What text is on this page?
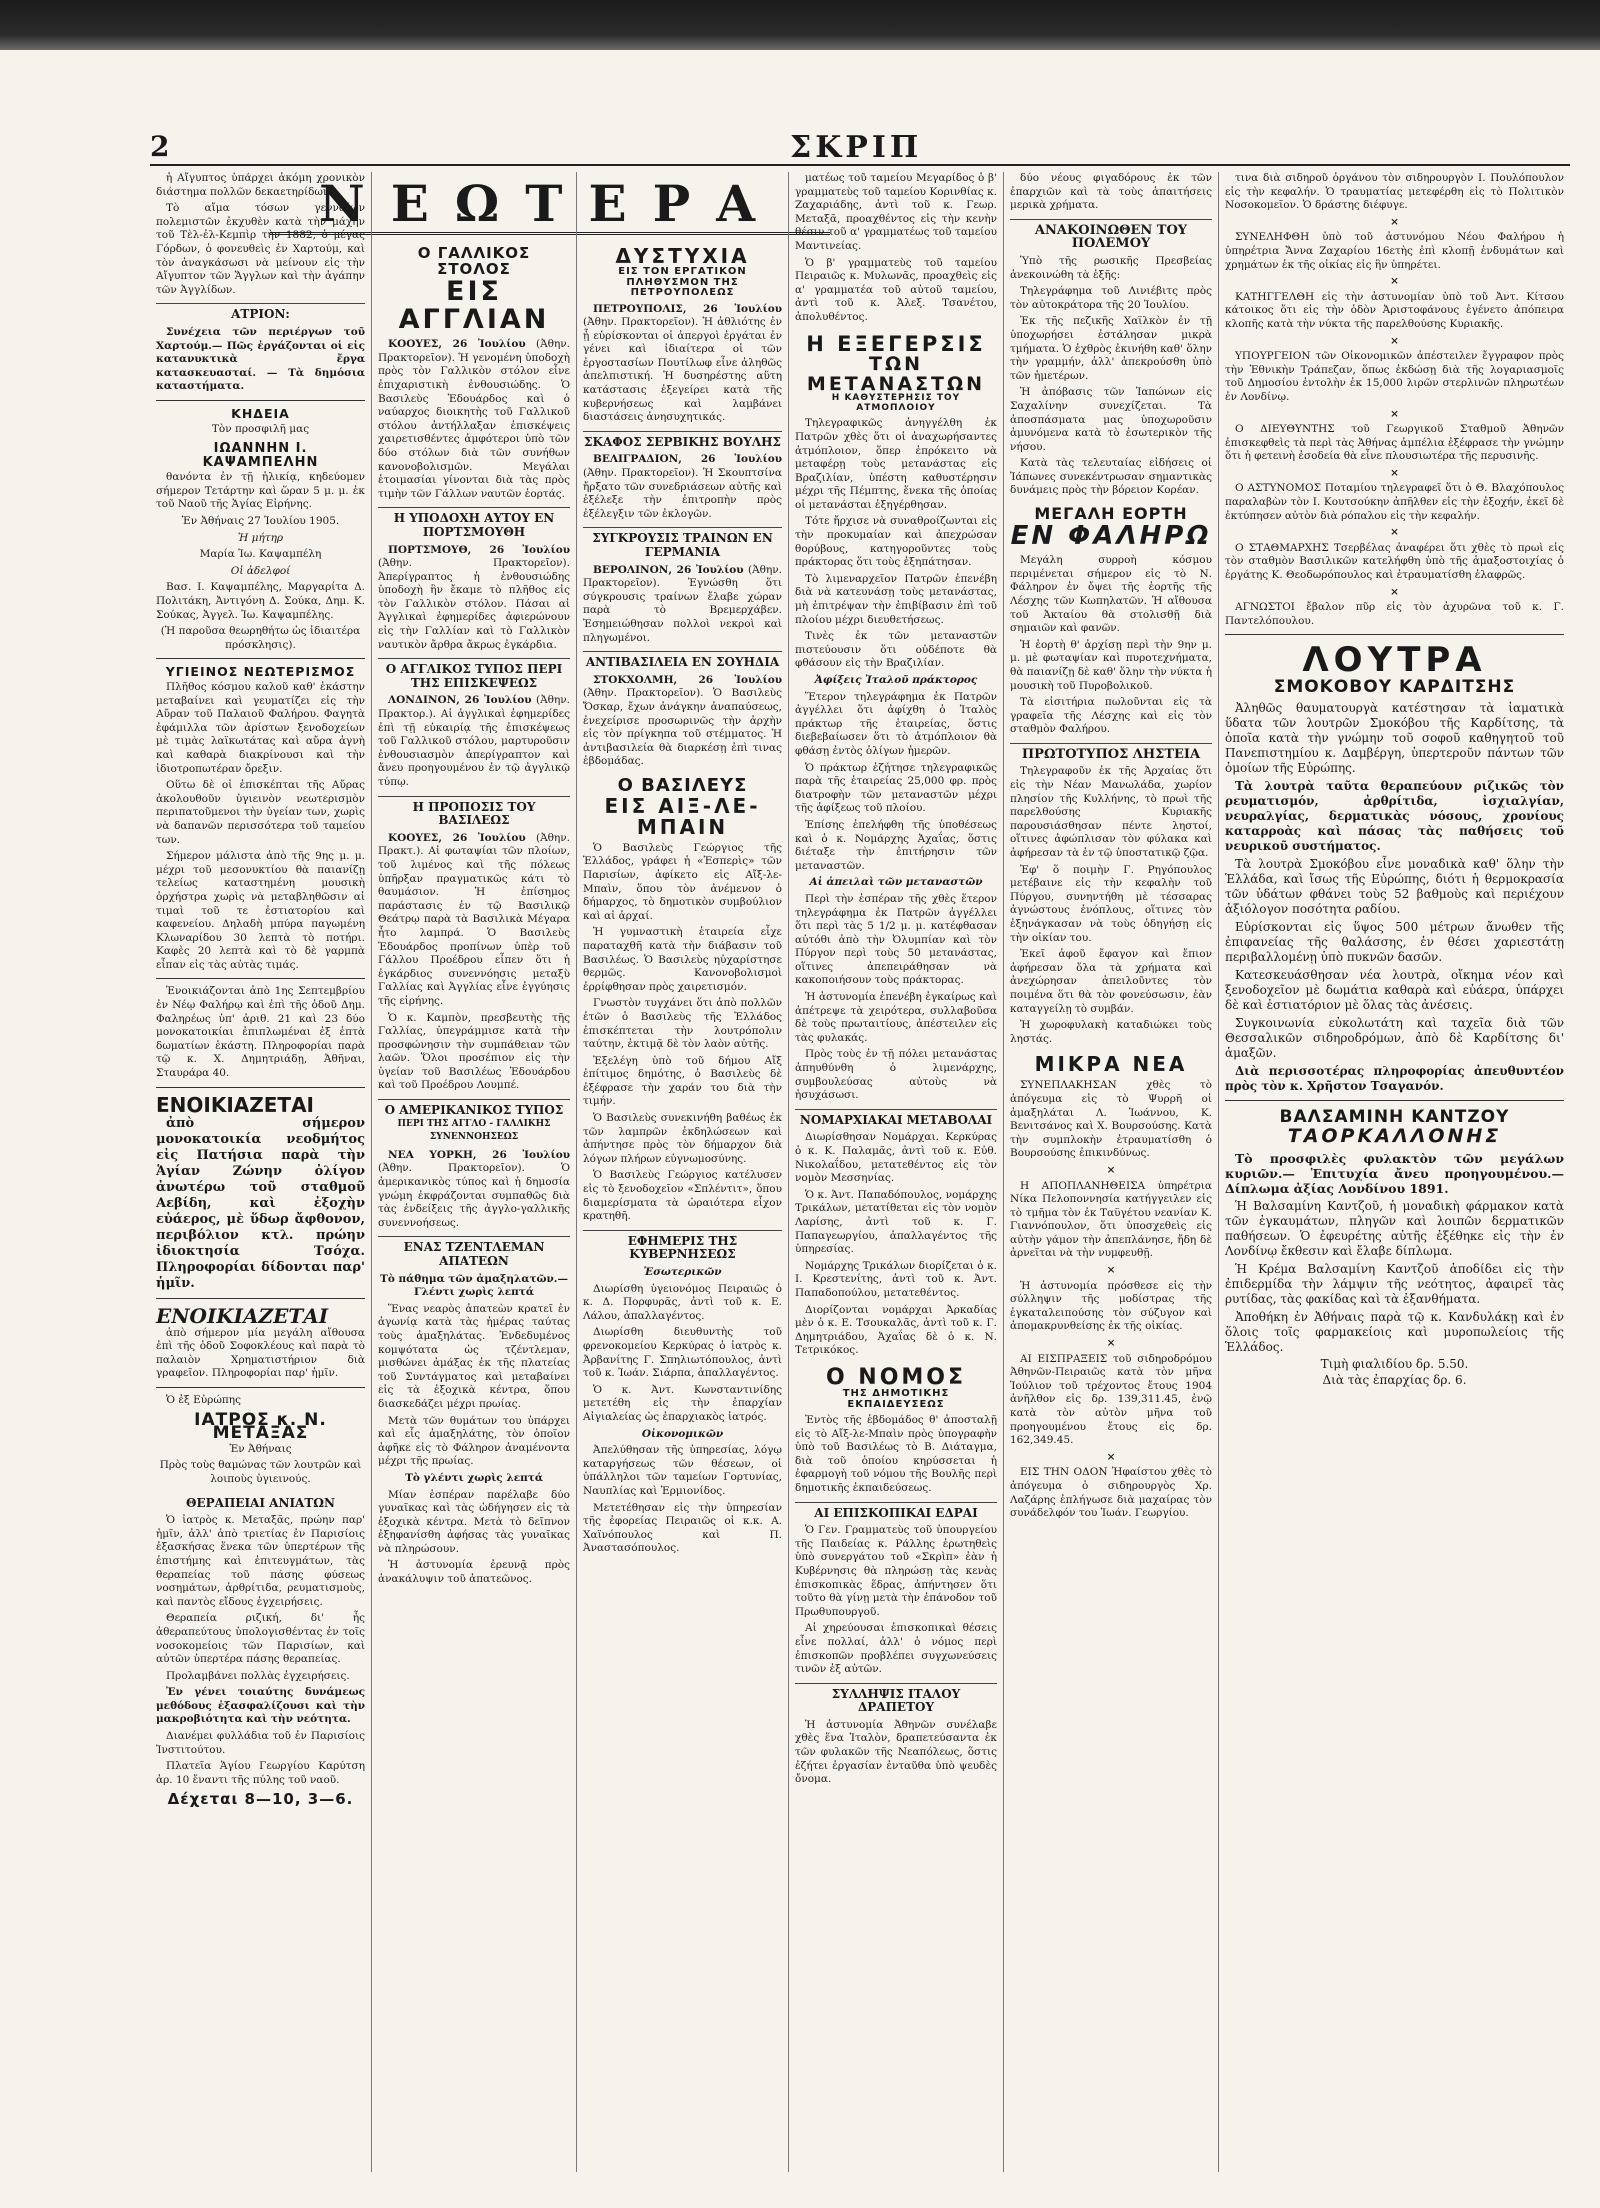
2	ΣΚΡΙΠ
ΝΕΩΤΕΡΑ

ἡ Αἴγυπτος ὑπάρχει ἀκόμη χρονικὸν διάστημα πολλῶν δεκαετηρίδων.

Τὸ αἴμα τόσων γενναίων πολεμιστῶν ἐκχυθὲν κατὰ τὴν μάχην τοῦ Τὲλ-ἐλ-Κεμπὶρ τὴν 1882, ὁ μέγας Γόρδων, ὁ φονευθεὶς ἐν Χαρτούμ, καὶ τὸν ἀναγκάσωσι νὰ μείνουν εἰς τὴν Αἴγυπτον τῶν Ἄγγλων καὶ τὴν ἀγάπην τῶν Ἀγγλίδων.

ΑΤΡΙΟΝ:

Συνέχεια τῶν περιέργων τοῦ Χαρτούμ.— Πῶς ἐργάζονται οἱ εἰς κατανυκτικὰ ἔργα κατασκευασταί. — Τὰ δημόσια καταστήματα.

ΚΗΔΕΙΑ

Τὸν προσφιλῆ μας

ΙΩΑΝΝΗΝ Ι. ΚΑΨΑΜΠΕΛΗΝ

θανόντα ἐν τῇ ἡλικίᾳ, κηδεύομεν σήμερον Τετάρτην καὶ ὥραν 5 μ. μ. ἐκ τοῦ Ναοῦ τῆς Ἁγίας Εἰρήνης.

Ἐν Ἀθήναις 27 Ἰουλίου 1905.

Ἡ μήτηρ

Μαρία Ἰω. Καψαμπέλη

Οἱ ἀδελφοί

Βασ. Ι. Καψαμπέλης, Μαργαρίτα Δ. Πολιτάκη, Ἀντιγόνη Δ. Σούκα, Δημ. Κ. Σούκας, Ἀγγελ. Ἰω. Καψαμπέλης.

(Ἡ παροῦσα θεωρηθήτω ὡς ἰδιαιτέρα πρόσκλησις).

ΥΓΙΕΙΝΟΣ ΝΕΩΤΕΡΙΣΜΟΣ

Πλῆθος κόσμου καλοῦ καθ' ἑκάστην μεταβαίνει καὶ γευματίζει εἰς τὴν Αὔραν τοῦ Παλαιοῦ Φαλήρου. Φαγητὰ ἐφάμιλλα τῶν ἀρίστων ξενοδοχείων μὲ τιμὰς λαϊκωτάτας καὶ αὔρα ἀγνὴ καὶ καθαρὰ διακρίνουσι καὶ τὴν ἰδιοτροπωτέραν ὄρεξιν.

Οὕτω δὲ οἱ ἐπισκέπται τῆς Αὔρας ἀκολουθοῦν ὑγιεινὸν νεωτερισμὸν περιπατοῦμενοι τὴν ὑγείαν των, χωρὶς νὰ δαπανῶν περισσότερα τοῦ ταμείου των.

Σήμερον μάλιστα ἀπὸ τῆς 9ης μ. μ. μέχρι τοῦ μεσονυκτίου θὰ παιανίζῃ τελείως καταστημένη μουσικὴ ὀρχήστρα χωρὶς νὰ μεταβληθῶσιν αἱ τιμαὶ τοῦ τε ἐστιατορίου καὶ καφενείου. Δηλαδὴ μπύρα παγωμένη Κλωναρίδου 30 λεπτὰ τὸ ποτήρι. Καφὲς 20 λεπτὰ καὶ τὸ δὲ γαρμπὰ εἶπαν εἰς τὰς αὐτὰς τιμάς.

Ἐνοικιάζονται ἀπὸ 1ης Σεπτεμβρίου ἐν Νέῳ Φαλήρῳ καὶ ἐπὶ τῆς ὁδοῦ Δημ. Φαληρέως ὑπ' ἀριθ. 21 καὶ 23 δύο μονοκατοικίαι ἐπιπλωμέναι ἐξ ἑπτὰ δωματίων ἑκάστη. Πληροφορίαι παρὰ τῷ κ. Χ. Δημητριάδῃ, Ἀθῆναι, Σταυράρα 40.

ΕΝΟΙΚΙΑΖΕΤΑΙ

ἀπὸ σήμερον μονοκατοικία νεοδμήτος εἰς Πατήσια παρὰ τὴν Ἁγίαν Ζώνην ὀλίγον ἀνωτέρω τοῦ σταθμοῦ Αεβίδη, καὶ ἐξοχὴν εὐάερος, μὲ ὕδωρ ἄφθονον, περιβόλιον κτλ. πρώην ἰδιοκτησία Τσόχα. Πληροφορίαι δίδονται παρ' ἡμῖν.

ΕΝΟΙΚΙΑΖΕΤΑΙ

ἀπὸ σήμερον μία μεγάλη αἴθουσα ἐπὶ τῆς ὁδοῦ Σοφοκλέους καὶ παρὰ τὸ παλαιὸν Χρηματιστήριον διὰ γραφεῖον. Πληροφορίαι παρ' ἡμῖν.

Ὁ ἐξ Εὐρώπης

ΙΑΤΡΟΣ κ. Ν. ΜΕΤΑΞΑΣ

Ἐν Ἀθήναις

Πρὸς τοὺς θαμώνας τῶν λουτρῶν καὶ λοιποὺς ὑγιεινούς.

ΘΕΡΑΠΕΙΑΙ ΑΝΙΑΤΩΝ

Ὁ ἰατρὸς κ. Μεταξᾶς, πρώην παρ' ἡμῖν, ἀλλ' ἀπὸ τριετίας ἐν Παρισίοις ἐξασκήσας ἕνεκα τῶν ὑπερτέρων τῆς ἐπιστήμης καὶ ἐπιτευγμάτων, τὰς θεραπείας τοῦ πάσης φύσεως νοσημάτων, ἀρθρίτιδα, ρευματισμοὺς, καὶ παντὸς εἴδους ἐγχειρήσεις.

Θεραπεία ριζική, δι' ἧς ἀθεραπεύτους ὑπολογισθέντας ἐν τοῖς νοσοκομείοις τῶν Παρισίων, καὶ αὐτῶν ὑπερτέρα πάσης θεραπείας.

Προλαμβάνει πολλὰς ἐγχειρήσεις.

Ἐν γένει τοιαύτης δυνάμεως μεθόδους ἐξασφαλίζουσι καὶ τὴν μακροβιότητα καὶ τὴν νεότητα.

Διανέμει φυλλάδια τοῦ ἐν Παρισίοις Ἰνστιτούτου.

Πλατεῖα Ἁγίου Γεωργίου Καρύτση ἀρ. 10 ἔναντι τῆς πύλης τοῦ ναοῦ.

Δέχεται 8—10, 3—6.
Ο ΓΑΛΛΙΚΟΣ ΣΤΟΛΟΣ
ΕΙΣ ΑΓΓΛΙΑΝ

ΚΟΟΥΕΣ, 26 Ἰουλίου (Ἀθην. Πρακτορεῖον). Ἡ γενομένη ὑποδοχὴ πρὸς τὸν Γαλλικὸν στόλον εἶνε ἐπιχαριστικὴ ἐνθουσιώδης. Ὁ Βασιλεὺς Ἐδουάρδος καὶ ὁ ναύαρχος διοικητὴς τοῦ Γαλλικοῦ στόλου ἀντήλλαξαν ἐπισκέψεις χαιρετισθέντες ἀμφότεροι ὑπὸ τῶν δύο στόλων διὰ τῶν συνήθων κανονοβολισμῶν. Μεγάλαι ἑτοιμασίαι γίνονται διὰ τὰς πρὸς τιμὴν τῶν Γάλλων ναυτῶν ἑορτάς.

Η ΥΠΟΔΟΧΗ ΑΥΤΟΥ ΕΝ ΠΟΡΤΣΜΟΥΘΗ

ΠΟΡΤΣΜΟΥΘ, 26 Ἰουλίου (Ἀθην. Πρακτορεῖον). Ἀπερίγραπτος ἡ ἐνθουσιώδης ὑποδοχὴ ἣν ἔκαμε τὸ πλῆθος εἰς τὸν Γαλλικὸν στόλον. Πάσαι αἱ Ἀγγλικαὶ ἐφημερίδες ἀφιερώνουν εἰς τὴν Γαλλίαν καὶ τὸ Γαλλικὸν ναυτικὸν ἄρθρα ἄκρως ἐγκάρδια.

Ο ΑΓΓΛΙΚΟΣ ΤΥΠΟΣ ΠΕΡΙ ΤΗΣ ΕΠΙΣΚΕΨΕΩΣ

ΛΟΝΔΙΝΟΝ, 26 Ἰουλίου (Ἀθην. Πρακτορ.). Αἱ ἀγγλικαὶ ἐφημερίδες ἐπὶ τῇ εὐκαιρίᾳ τῆς ἐπισκέψεως τοῦ Γαλλικοῦ στόλου, μαρτυροῦσιν ἐνθουσιασμὸν ἀπερίγραπτον καὶ ἄνευ προηγουμένου ἐν τῷ ἀγγλικῷ τύπῳ.

Η ΠΡΟΠΟΣΙΣ ΤΟΥ ΒΑΣΙΛΕΩΣ

ΚΟΟΥΕΣ, 26 Ἰουλίου (Ἀθην. Πρακτ.). Αἱ φωταψίαι τῶν πλοίων, τοῦ λιμένος καὶ τῆς πόλεως ὑπῆρξαν πραγματικῶς κάτι τὸ θαυμάσιον. Ἡ ἐπίσημος παράστασις ἐν τῷ Βασιλικῷ Θεάτρῳ παρὰ τὰ Βασιλικὰ Μέγαρα ἦτο λαμπρά. Ὁ Βασιλεὺς Ἐδουάρδος προπίνων ὑπὲρ τοῦ Γάλλου Προέδρου εἶπεν ὅτι ἡ ἐγκάρδιος συνεννόησις μεταξὺ Γαλλίας καὶ Ἀγγλίας εἶνε ἐγγύησις τῆς εἰρήνης.

Ὁ κ. Καμπὸν, πρεσβευτὴς τῆς Γαλλίας, ὑπεγράμμισε κατὰ τὴν προσφώνησιν τὴν συμπάθειαν τῶν λαῶν. Ὅλοι προσέπιον εἰς τὴν ὑγείαν τοῦ Βασιλέως Ἐδουάρδου καὶ τοῦ Προέδρου Λουμπέ.

Ο ΑΜΕΡΙΚΑΝΙΚΟΣ ΤΥΠΟΣ
ΠΕΡΙ ΤΗΣ ΑΓΓΛΟ - ΓΑΛΛΙΚΗΣ ΣΥΝΕΝΝΟΗΣΕΩΣ

ΝΕΑ ΥΟΡΚΗ, 26 Ἰουλίου (Ἀθην. Πρακτορεῖον). Ὁ ἀμερικανικὸς τύπος καὶ ἡ δημοσία γνώμη ἐκφράζονται συμπαθῶς διὰ τὰς ἐνδείξεις τῆς ἀγγλο-γαλλικῆς συνεννοήσεως.

ΕΝΑΣ ΤΖΕΝΤΛΕΜΑΝ ΑΠΑΤΕΩΝ

Τὸ πάθημα τῶν ἀμαξηλατῶν.— Γλέντι χωρὶς λεπτά

Ἕνας νεαρὸς ἀπατεὼν κρατεῖ ἐν ἀγωνίᾳ κατὰ τὰς ἡμέρας ταύτας τοὺς ἀμαξηλάτας. Ἐνδεδυμένος κομψότατα ὡς τζέντλεμαν, μισθώνει ἁμάξας ἐκ τῆς πλατείας τοῦ Συντάγματος καὶ μεταβαίνει εἰς τὰ ἐξοχικὰ κέντρα, ὅπου διασκεδάζει μέχρι πρωίας.

Μετὰ τῶν θυμάτων του ὑπάρχει καὶ εἷς ἀμαξηλάτης, τὸν ὁποῖον ἀφῆκε εἰς τὸ Φάληρον ἀναμένοντα μέχρι τῆς πρωίας.

Τὸ γλέντι χωρὶς λεπτά

Μίαν ἑσπέραν παρέλαβε δύο γυναῖκας καὶ τὰς ὡδήγησεν εἰς τὰ ἐξοχικὰ κέντρα. Μετὰ τὸ δεῖπνον ἐξηφανίσθη ἀφήσας τὰς γυναῖκας νὰ πληρώσουν.

Ἡ ἀστυνομία ἐρευνᾷ πρὸς ἀνακάλυψιν τοῦ ἀπατεῶνος.

ΔΥΣΤΥΧΙΑ
ΕΙΣ ΤΟΝ ΕΡΓΑΤΙΚΟΝ ΠΛΗΘΥΣΜΟΝ ΤΗΣ ΠΕΤΡΟΥΠΟΛΕΩΣ

ΠΕΤΡΟΥΠΟΛΙΣ, 26 Ἰουλίου (Ἀθην. Πρακτορεῖον). Ἡ ἀθλιότης ἐν ᾗ εὑρίσκονται οἱ ἀπεργοὶ ἐργάται ἐν γένει καὶ ἰδιαίτερα οἱ τῶν ἐργοστασίων Πουτίλωφ εἶνε ἀληθῶς ἀπελπιστική. Ἡ δυσηρέστης αὕτη κατάστασις ἐξεγείρει κατὰ τῆς κυβερνήσεως καὶ λαμβάνει διαστάσεις ἀνησυχητικάς.

ΣΚΑΦΟΣ ΣΕΡΒΙΚΗΣ ΒΟΥΛΗΣ

ΒΕΛΙΓΡΑΔΙΟΝ, 26 Ἰουλίου (Ἀθην. Πρακτορεῖον). Ἡ Σκουπτσίνα ἤρξατο τῶν συνεδριάσεων αὐτῆς καὶ ἐξέλεξε τὴν ἐπιτροπὴν πρὸς ἐξέλεγξιν τῶν ἐκλογῶν.

ΣΥΓΚΡΟΥΣΙΣ ΤΡΑΙΝΩΝ ΕΝ ΓΕΡΜΑΝΙΑ

ΒΕΡΟΛΙΝΟΝ, 26 Ἰουλίου (Ἀθην. Πρακτορεῖον). Ἐγνώσθη ὅτι σύγκρουσις τραίνων ἔλαβε χώραν παρὰ τὸ Βρεμερχάβεν. Ἐσημειώθησαν πολλοὶ νεκροὶ καὶ πληγωμένοι.

ΑΝΤΙΒΑΣΙΛΕΙΑ ΕΝ ΣΟΥΗΔΙΑ

ΣΤΟΚΧΟΛΜΗ, 26 Ἰουλίου (Ἀθην. Πρακτορεῖον). Ὁ Βασιλεὺς Ὄσκαρ, ἔχων ἀνάγκην ἀναπαύσεως, ἐνεχείρισε προσωρινῶς τὴν ἀρχὴν εἰς τὸν πρίγκηπα τοῦ στέμματος. Ἡ ἀντιβασιλεία θὰ διαρκέσῃ ἐπὶ τινας ἑβδομάδας.

Ο ΒΑΣΙΛΕΥΣ
ΕΙΣ ΑΙΞ-ΛΕ-ΜΠΑΙΝ

Ὁ Βασιλεὺς Γεώργιος τῆς Ἑλλάδος, γράφει ἡ «Ἐσπερὶς» τῶν Παρισίων, ἀφίκετο εἰς Αἴξ-λε-Μπαὶν, ὅπου τὸν ἀνέμενον ὁ δήμαρχος, τὸ δημοτικὸν συμβούλιον καὶ αἱ ἀρχαί.

Ἡ γυμναστικὴ ἑταιρεία εἶχε παραταχθῆ κατὰ τὴν διάβασιν τοῦ Βασιλέως. Ὁ Βασιλεὺς ηὐχαρίστησε θερμῶς. Κανονοβολισμοὶ ἐρρίφθησαν πρὸς χαιρετισμόν.

Γνωστὸν τυγχάνει ὅτι ἀπὸ πολλῶν ἐτῶν ὁ Βασιλεὺς τῆς Ἑλλάδος ἐπισκέπτεται τὴν λουτρόπολιν ταύτην, ἐκτιμᾷ δὲ τὸν λαὸν αὐτῆς.

Ἐξελέγη ὑπὸ τοῦ δήμου Αἴξ ἐπίτιμος δημότης, ὁ Βασιλεὺς δὲ ἐξέφρασε τὴν χαράν του διὰ τὴν τιμήν.

Ὁ Βασιλεὺς συνεκινήθη βαθέως ἐκ τῶν λαμπρῶν ἐκδηλώσεων καὶ ἀπήντησε πρὸς τὸν δήμαρχον διὰ λόγων πλήρων εὐγνωμοσύνης.

Ὁ Βασιλεὺς Γεώργιος κατέλυσεν εἰς τὸ ξενοδοχεῖον «Σπλέντιτ», ὅπου διαμερίσματα τὰ ὡραιότερα εἶχον κρατηθῆ.

ΕΦΗΜΕΡΙΣ ΤΗΣ ΚΥΒΕΡΝΗΣΕΩΣ

Ἐσωτερικῶν

Διωρίσθη ὑγειονόμος Πειραιῶς ὁ κ. Δ. Πορφυρᾶς, ἀντὶ τοῦ κ. Ε. Λάλου, ἀπαλλαγέντος.

Διωρίσθη διευθυντὴς τοῦ φρενοκομείου Κερκύρας ὁ ἰατρὸς κ. Ἀρβανίτης Γ. Σπηλιωτόπουλος, ἀντὶ τοῦ κ. Ἰωάν. Σιάρπα, ἀπαλλαγέντος.

Ὁ κ. Ἀντ. Κωνσταντινίδης μετετέθη εἰς τὴν ἐπαρχίαν Αἰγιαλείας ὡς ἐπαρχιακὸς ἰατρός.

Οἰκονομικῶν

Ἀπελύθησαν τῆς ὑπηρεσίας, λόγῳ καταργήσεως τῶν θέσεων, οἱ ὑπάλληλοι τῶν ταμείων Γορτυνίας, Ναυπλίας καὶ Ἐρμιονίδος.

Μετετέθησαν εἰς τὴν ὑπηρεσίαν τῆς ἐφορείας Πειραιῶς οἱ κ.κ. Α. Χαϊνόπουλος καὶ Π. Ἀναστασόπουλος.

ματέως τοῦ ταμείου Μεγαρίδος ὁ β' γραμματεὺς τοῦ ταμείου Κορινθίας κ. Ζαχαριάδης, ἀντὶ τοῦ κ. Γεωρ. Μεταξᾶ, προαχθέντος εἰς τὴν κενὴν θέσιν τοῦ α' γραμματέως τοῦ ταμείου Μαντινείας.

Ὁ β' γραμματεὺς τοῦ ταμείου Πειραιῶς κ. Μυλωνᾶς, προαχθεὶς εἰς α' γραμματέα τοῦ αὐτοῦ ταμείου, ἀντὶ τοῦ κ. Ἀλεξ. Τσανέτου, ἀπολυθέντος.

Η ΕΞΕΓΕΡΣΙΣ
ΤΩΝ ΜΕΤΑΝΑΣΤΩΝ
Η ΚΑΘΥΣΤΕΡΗΣΙΣ ΤΟΥ ΑΤΜΟΠΛΟΙΟΥ

Τηλεγραφικῶς ἀνηγγέλθη ἐκ Πατρῶν χθὲς ὅτι οἱ ἀναχωρήσαντες ἀτμόπλοιον, ὅπερ ἐπρόκειτο νὰ μεταφέρῃ τοὺς μετανάστας εἰς Βραζιλίαν, ὑπέστη καθυστέρησιν μέχρι τῆς Πέμπτης, ἕνεκα τῆς ὁποίας οἱ μετανάσται ἐξηγέρθησαν.

Τότε ἤρχισε νὰ συναθροίζωνται εἰς τὴν προκυμαίαν καὶ ἀπεχρώσαν θορύβους, κατηγοροῦντες τοὺς πράκτορας ὅτι τοὺς ἐξηπάτησαν.

Τὸ λιμεναρχεῖον Πατρῶν ἐπενέβη διὰ νὰ κατευνάσῃ τοὺς μετανάστας, μὴ ἐπιτρέψαν τὴν ἐπιβίβασιν ἐπὶ τοῦ πλοίου μέχρι διευθετήσεως.

Τινὲς ἐκ τῶν μεταναστῶν πιστεύουσιν ὅτι οὐδέποτε θὰ φθάσουν εἰς τὴν Βραζιλίαν.

Ἀφίξεις Ἰταλοῦ πράκτορος

Ἕτερον τηλεγράφημα ἐκ Πατρῶν ἀγγέλλει ὅτι ἀφίχθη ὁ Ἰταλὸς πράκτωρ τῆς ἑταιρείας, ὅστις διεβεβαίωσεν ὅτι τὸ ἀτμόπλοιον θὰ φθάσῃ ἐντὸς ὀλίγων ἡμερῶν.

Ὁ πράκτωρ ἐζήτησε τηλεγραφικῶς παρὰ τῆς ἑταιρείας 25,000 φρ. πρὸς διατροφὴν τῶν μεταναστῶν μέχρι τῆς ἀφίξεως τοῦ πλοίου.

Ἐπίσης ἐπελήφθη τῆς ὑποθέσεως καὶ ὁ κ. Νομάρχης Ἀχαΐας, ὅστις διέταξε τὴν ἐπιτήρησιν τῶν μεταναστῶν.

Αἱ ἀπειλαὶ τῶν μεταναστῶν

Περὶ τὴν ἑσπέραν τῆς χθὲς ἕτερον τηλεγράφημα ἐκ Πατρῶν ἀγγέλλει ὅτι περὶ τὰς 5 1/2 μ. μ. κατέφθασαν αὐτόθι ἀπὸ τὴν Ὀλυμπίαν καὶ τὸν Πύργον περὶ τοὺς 50 μετανάστας, οἵτινες ἀπεπειράθησαν νὰ κακοποιήσουν τοὺς πράκτορας.

Ἡ ἀστυνομία ἐπενέβη ἐγκαίρως καὶ ἀπέτρεψε τὰ χειρότερα, συλλαβοῦσα δὲ τοὺς πρωταιτίους, ἀπέστειλεν εἰς τὰς φυλακάς.

Πρὸς τοὺς ἐν τῇ πόλει μετανάστας ἀπηυθύνθη ὁ λιμενάρχης, συμβουλεύσας αὐτοὺς νὰ ἡσυχάσωσι.

ΝΟΜΑΡΧΙΑΚΑΙ ΜΕΤΑΒΟΛΑΙ

Διωρίσθησαν Νομάρχαι. Κερκύρας ὁ κ. Κ. Παλαμᾶς, ἀντὶ τοῦ κ. Εὐθ. Νικολαΐδου, μετατεθέντος εἰς τὸν νομὸν Μεσσηνίας.

Ὁ κ. Ἀντ. Παπαδόπουλος, νομάρχης Τρικάλων, μετατίθεται εἰς τὸν νομὸν Λαρίσης, ἀντὶ τοῦ κ. Γ. Παπαγεωργίου, ἀπαλλαγέντος τῆς ὑπηρεσίας.

Νομάρχης Τρικάλων διορίζεται ὁ κ. Ι. Κρεστενίτης, ἀντὶ τοῦ κ. Ἀντ. Παπαδοπούλου, μετατεθέντος.

Διορίζονται νομάρχαι Ἀρκαδίας μὲν ὁ κ. Ε. Τσουκαλᾶς, ἀντὶ τοῦ κ. Γ. Δημητριάδου, Ἀχαΐας δὲ ὁ κ. Ν. Τετρικόκος.

Ο ΝΟΜΟΣ
ΤΗΣ ΔΗΜΟΤΙΚΗΣ ΕΚΠΑΙΔΕΥΣΕΩΣ

Ἐντὸς τῆς ἑβδομάδος θ' ἀποσταλῇ εἰς τὸ Αἴξ-λε-Μπαὶν πρὸς ὑπογραφὴν ὑπὸ τοῦ Βασιλέως τὸ Β. Διάταγμα, διὰ τοῦ ὁποίου κηρύσσεται ἡ ἐφαρμογὴ τοῦ νόμου τῆς Βουλῆς περὶ δημοτικῆς ἐκπαιδεύσεως.

ΑΙ ΕΠΙΣΚΟΠΙΚΑΙ ΕΔΡΑΙ

Ὁ Γεν. Γραμματεὺς τοῦ ὑπουργείου τῆς Παιδείας κ. Ράλλης ἐρωτηθεὶς ὑπὸ συνεργάτου τοῦ «Σκρὶπ» ἐὰν ἡ Κυβέρνησις θὰ πληρώσῃ τὰς κενὰς ἐπισκοπικὰς ἕδρας, ἀπήντησεν ὅτι τοῦτο θὰ γίνῃ μετὰ τὴν ἐπάνοδον τοῦ Πρωθυπουργοῦ.

Αἱ χηρεύουσαι ἐπισκοπικαὶ θέσεις εἶνε πολλαί, ἀλλ' ὁ νόμος περὶ ἐπισκοπῶν προβλέπει συγχωνεύσεις τινῶν ἐξ αὐτῶν.

ΣΥΛΛΗΨΙΣ ΙΤΑΛΟΥ ΔΡΑΠΕΤΟΥ

Ἡ ἀστυνομία Ἀθηνῶν συνέλαβε χθὲς ἕνα Ἰταλὸν, δραπετεύσαντα ἐκ τῶν φυλακῶν τῆς Νεαπόλεως, ὅστις ἐζήτει ἐργασίαν ἐνταῦθα ὑπὸ ψευδὲς ὄνομα.

δύο νέους φιγαδόρους ἐκ τῶν ἐπαρχιῶν καὶ τὰ τοὺς ἀπαιτήσεις μερικὰ χρήματα.

ΑΝΑΚΟΙΝΩΘΕΝ ΤΟΥ ΠΟΛΕΜΟΥ

Ὑπὸ τῆς ρωσικῆς Πρεσβείας ἀνεκοινώθη τὰ ἑξῆς:

Τηλεγράφημα τοῦ Λινιέβιτς πρὸς τὸν αὐτοκράτορα τῆς 20 Ἰουλίου.

Ἐκ τῆς πεζικῆς Χαϊλκὸν ἐν τῇ ὑποχωρήσει ἐστάλησαν μικρὰ τμήματα. Ὁ ἐχθρὸς ἐκινήθη καθ' ὅλην τὴν γραμμήν, ἀλλ' ἀπεκρούσθη ὑπὸ τῶν ἡμετέρων.

Ἡ ἀπόβασις τῶν Ἰαπώνων εἰς Σαχαλίνην συνεχίζεται. Τὰ ἀποσπάσματα μας ὑποχωροῦσιν ἀμυνόμενα κατὰ τὸ ἐσωτερικὸν τῆς νήσου.

Κατὰ τὰς τελευταίας εἰδήσεις οἱ Ἰάπωνες συνεκέντρωσαν σημαντικὰς δυνάμεις πρὸς τὴν βόρειον Κορέαν.

ΜΕΓΑΛΗ ΕΟΡΤΗ
ΕΝ ΦΑΛΗΡΩ

Μεγάλη συρροὴ κόσμου περιμένεται σήμερον εἰς τὸ Ν. Φάληρον ἐν ὄψει τῆς ἑορτῆς τῆς Λέσχης τῶν Κωπηλατῶν. Ἡ αἴθουσα τοῦ Ἀκταίου θὰ στολισθῇ διὰ σημαιῶν καὶ φανῶν.

Ἡ ἑορτὴ θ' ἀρχίσῃ περὶ τὴν 9ην μ. μ. μὲ φωταψίαν καὶ πυροτεχνήματα, θὰ παιανίζῃ δὲ καθ' ὅλην τὴν νύκτα ἡ μουσικὴ τοῦ Πυροβολικοῦ.

Τὰ εἰσιτήρια πωλοῦνται εἰς τὰ γραφεῖα τῆς Λέσχης καὶ εἰς τὸν σταθμὸν Φαλήρου.

ΠΡΩΤΟΤΥΠΟΣ ΛΗΣΤΕΙΑ

Τηλεγραφοῦν ἐκ τῆς Ἀρχαίας ὅτι εἰς τὴν Νέαν Μανωλάδα, χωρίον πλησίον τῆς Κυλλήνης, τὸ πρωὶ τῆς παρελθούσης Κυριακῆς παρουσιάσθησαν πέντε ληστοί, οἵτινες ἀφώπλισαν τὸν φύλακα καὶ ἀφήρεσαν τὰ ἐν τῷ ὑποστατικῷ ζῷα.

Ἐφ' ὅ ποιμὴν Γ. Ρηγόπουλος μετέβαινε εἰς τὴν κεφαλὴν τοῦ Πύργου, συνηντήθη μὲ τέσσαρας ἀγνώστους ἐνόπλους, οἵτινες τὸν ἐξηνάγκασαν νὰ τοὺς ὁδηγήσῃ εἰς τὴν οἰκίαν του.

Ἐκεῖ ἀφοῦ ἔφαγον καὶ ἔπιον ἀφήρεσαν ὅλα τὰ χρήματα καὶ ἀνεχώρησαν ἀπειλοῦντες τὸν ποιμένα ὅτι θὰ τὸν φονεύσωσιν, ἐὰν καταγγείλῃ τὸ συμβάν.

Ἡ χωροφυλακὴ καταδιώκει τοὺς ληστάς.

ΜΙΚΡΑ ΝΕΑ

ΣΥΝΕΠΛΑΚΗΣΑΝ χθὲς τὸ ἀπόγευμα εἰς τὸ Ψυρρῆ οἱ ἀμαξηλάται Λ. Ἰωάννου, Κ. Βενιτσάνος καὶ Χ. Βουρσούσης. Κατὰ τὴν συμπλοκὴν ἐτραυματίσθη ὁ Βουρσούσης ἐπικινδύνως.

×

Η ΑΠΟΠΛΑΝΗΘΕΙΣΑ ὑπηρέτρια Νίκα Πελοποννησία κατήγγειλεν εἰς τὸ τμῆμα τὸν ἐκ Ταϋγέτου νεανίαν Κ. Γιαννόπουλον, ὅτι ὑποσχεθεὶς εἰς αὐτὴν γάμον τὴν ἀπεπλάνησε, ἤδη δὲ ἀρνεῖται νὰ τὴν νυμφευθῇ.

×

Ἡ ἀστυνομία πρόσθεσε εἰς τὴν σύλληψιν τῆς μοδίστρας τῆς ἐγκαταλειπούσης τὸν σύζυγον καὶ ἀπομακρυνθείσης ἐκ τῆς οἰκίας.

×

ΑΙ ΕΙΣΠΡΑΞΕΙΣ τοῦ σιδηροδρόμου Ἀθηνῶν-Πειραιῶς κατὰ τὸν μῆνα Ἰούλιον τοῦ τρέχοντος ἔτους 1904 ἀνῆλθον εἰς δρ. 139,311.45, ἐνῷ κατὰ τὸν αὐτὸν μῆνα τοῦ προηγουμένου ἔτους εἰς δρ. 162,349.45.

×

ΕΙΣ ΤΗΝ ΟΔΟΝ Ἡφαίστου χθὲς τὸ ἀπόγευμα ὁ σιδηρουργὸς Χρ. Λαζάρης ἐπλήγωσε διὰ μαχαίρας τὸν συνάδελφόν του Ἰωάν. Γεωργίου.

τινα διὰ σιδηροῦ ὀργάνου τὸν σιδηρουργὸν Ι. Πουλόπουλον εἰς τὴν κεφαλήν. Ὁ τραυματίας μετεφέρθη εἰς τὸ Πολιτικὸν Νοσοκομεῖον. Ὁ δράστης διέφυγε.

×

ΣΥΝΕΛΗΦΘΗ ὑπὸ τοῦ ἀστυνόμου Νέου Φαλήρου ἡ ὑπηρέτρια Ἄννα Ζαχαρίου 16ετὴς ἐπὶ κλοπῇ ἐνδυμάτων καὶ χρημάτων ἐκ τῆς οἰκίας εἰς ἣν ὑπηρέτει.

×

ΚΑΤΗΓΓΕΛΘΗ εἰς τὴν ἀστυνομίαν ὑπὸ τοῦ Ἀντ. Κίτσου κάτοικος ὅτι εἰς τὴν ὁδὸν Ἀριστοφάνους ἐγένετο ἀπόπειρα κλοπῆς κατὰ τὴν νύκτα τῆς παρελθούσης Κυριακῆς.

×

ΥΠΟΥΡΓΕΙΟΝ τῶν Οἰκονομικῶν ἀπέστειλεν ἔγγραφον πρὸς τὴν Ἐθνικὴν Τράπεζαν, ὅπως ἐκδώσῃ διὰ τῆς λογαριασμοῖς τοῦ Δημοσίου ἐντολὴν ἐκ 15,000 λιρῶν στερλινῶν πληρωτέων ἐν Λονδίνῳ.

×

Ο ΔΙΕΥΘΥΝΤΗΣ τοῦ Γεωργικοῦ Σταθμοῦ Ἀθηνῶν ἐπισκεφθεὶς τὰ περὶ τὰς Ἀθήνας ἀμπέλια ἐξέφρασε τὴν γνώμην ὅτι ἡ φετεινὴ ἐσοδεία θὰ εἶνε πλουσιωτέρα τῆς περυσινῆς.

×

Ο ΑΣΤΥΝΟΜΟΣ Ποταμίου τηλεγραφεῖ ὅτι ὁ Θ. Βλαχόπουλος παραλαβὼν τὸν Ι. Κουτσούκην ἀπῆλθεν εἰς τὴν ἐξοχήν, ἐκεῖ δὲ ἐκτύπησεν αὐτὸν διὰ ρόπαλου εἰς τὴν κεφαλήν.

×

Ο ΣΤΑΘΜΑΡΧΗΣ Τσερβέλας ἀναφέρει ὅτι χθὲς τὸ πρωὶ εἰς τὸν σταθμὸν Βασιλικῶν κατελήφθη ὑπὸ τῆς ἁμαξοστοιχίας ὁ ἐργάτης Κ. Θεοδωρόπουλος καὶ ἐτραυματίσθη ἐλαφρῶς.

×

ΑΓΝΩΣΤΟΙ ἔβαλον πῦρ εἰς τὸν ἀχυρῶνα τοῦ κ. Γ. Παντελόπουλου.

ΛΟΥΤΡΑ
ΣΜΟΚΟΒΟΥ ΚΑΡΔΙΤΣΗΣ

Ἀληθῶς θαυματουργὰ κατέστησαν τὰ ἱαματικὰ ὕδατα τῶν λουτρῶν Σμοκόβου τῆς Καρδίτσης, τὰ ὁποῖα κατὰ τὴν γνώμην τοῦ σοφοῦ καθηγητοῦ τοῦ Πανεπιστημίου κ. Δαμβέργη, ὑπερτεροῦν πάντων τῶν ὁμοίων τῆς Εὐρώπης.

Τὰ λουτρὰ ταῦτα θεραπεύουν ριζικῶς τὸν ρευματισμόν, ἀρθρίτιδα, ἰσχιαλγίαν, νευραλγίας, δερματικὰς νόσους, χρονίους καταρροὰς καὶ πάσας τὰς παθήσεις τοῦ νευρικοῦ συστήματος.

Τὰ λουτρὰ Σμοκόβου εἶνε μοναδικὰ καθ' ὅλην τὴν Ἑλλάδα, καὶ ἴσως τῆς Εὐρώπης, διότι ἡ θερμοκρασία τῶν ὑδάτων φθάνει τοὺς 52 βαθμοὺς καὶ περιέχουν ἀξιόλογον ποσότητα ραδίου.

Εὑρίσκονται εἰς ὕψος 500 μέτρων ἄνωθεν τῆς ἐπιφανείας τῆς θαλάσσης, ἐν θέσει χαριεστάτῃ περιβαλλομένῃ ὑπὸ πυκνῶν δασῶν.

Κατεσκευάσθησαν νέα λουτρὰ, οἴκημα νέον καὶ ξενοδοχεῖον μὲ δωμάτια καθαρὰ καὶ εὐάερα, ὑπάρχει δὲ καὶ ἐστιατόριον μὲ ὅλας τὰς ἀνέσεις.

Συγκοινωνία εὐκολωτάτη καὶ ταχεῖα διὰ τῶν Θεσσαλικῶν σιδηροδρόμων, ἀπὸ δὲ Καρδίτσης δι' ἁμαξῶν.

Διὰ περισσοτέρας πληροφορίας ἀπευθυντέον πρὸς τὸν κ. Χρῆστον Τσαγανόν.

ΒΑΛΣΑΜΙΝΗ ΚΑΝΤΖΟΥ
ΤΑΟΡΚΑΛΛΟΝΗΣ

Τὸ προσφιλὲς φυλακτὸν τῶν μεγάλων κυριῶν.— Ἐπιτυχία ἄνευ προηγουμένου.— Δίπλωμα ἀξίας Λονδίνου 1891.

Ἡ Βαλσαμίνη Καντζοῦ, ἡ μοναδικὴ φάρμακον κατὰ τῶν ἐγκαυμάτων, πληγῶν καὶ λοιπῶν δερματικῶν παθήσεων. Ὁ ἐφευρέτης αὐτῆς ἐξέθηκε εἰς τὴν ἐν Λονδίνῳ ἔκθεσιν καὶ ἔλαβε δίπλωμα.

Ἡ Κρέμα Βαλσαμίνη Καντζοῦ ἀποδίδει εἰς τὴν ἐπιδερμίδα τὴν λάμψιν τῆς νεότητος, ἀφαιρεῖ τὰς ρυτίδας, τὰς φακίδας καὶ τὰ ἐξανθήματα.

Ἀποθήκη ἐν Ἀθήναις παρὰ τῷ κ. Κανδυλάκῃ καὶ ἐν ὅλοις τοῖς φαρμακείοις καὶ μυροπωλείοις τῆς Ἑλλάδος.

Τιμὴ φιαλιδίου δρ. 5.50.

Διὰ τὰς ἐπαρχίας δρ. 6.
